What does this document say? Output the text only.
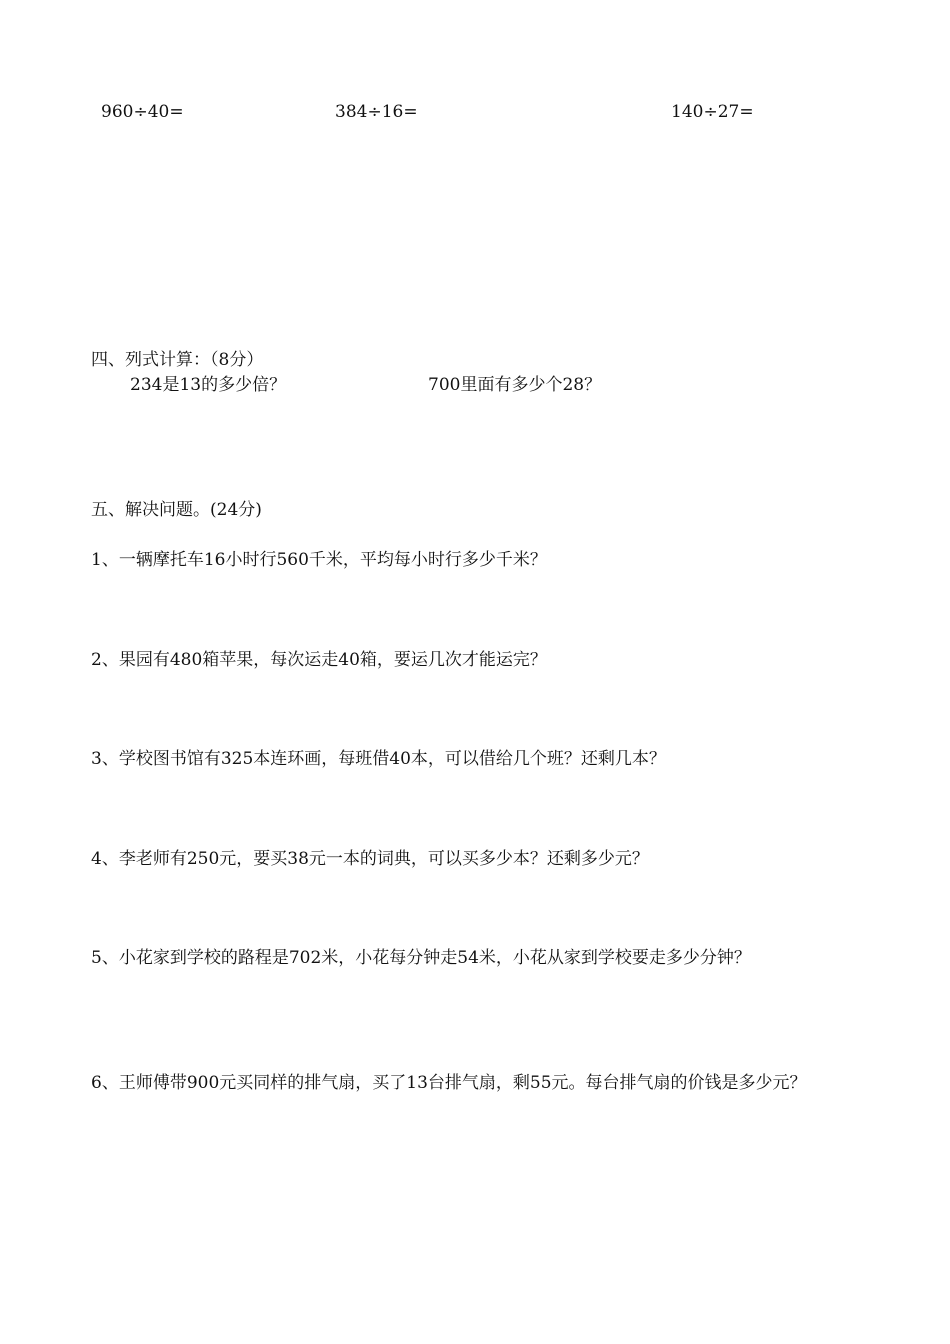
960÷40=	384÷16=	140÷27=
四、列式计算：（8分）
234是13的多少倍？	700里面有多少个28？
五、解决问题。(24分)
1、一辆摩托车16小时行560千米，平均每小时行多少千米？
2、果园有480箱苹果，每次运走40箱，要运几次才能运完？
3、学校图书馆有325本连环画，每班借40本，可以借给几个班？还剩几本？
4、李老师有250元，要买38元一本的词典，可以买多少本？还剩多少元？
5、小花家到学校的路程是702米，小花每分钟走54米，小花从家到学校要走多少分钟？
6、王师傅带900元买同样的排气扇，买了13台排气扇，剩55元。每台排气扇的价钱是多少元？
